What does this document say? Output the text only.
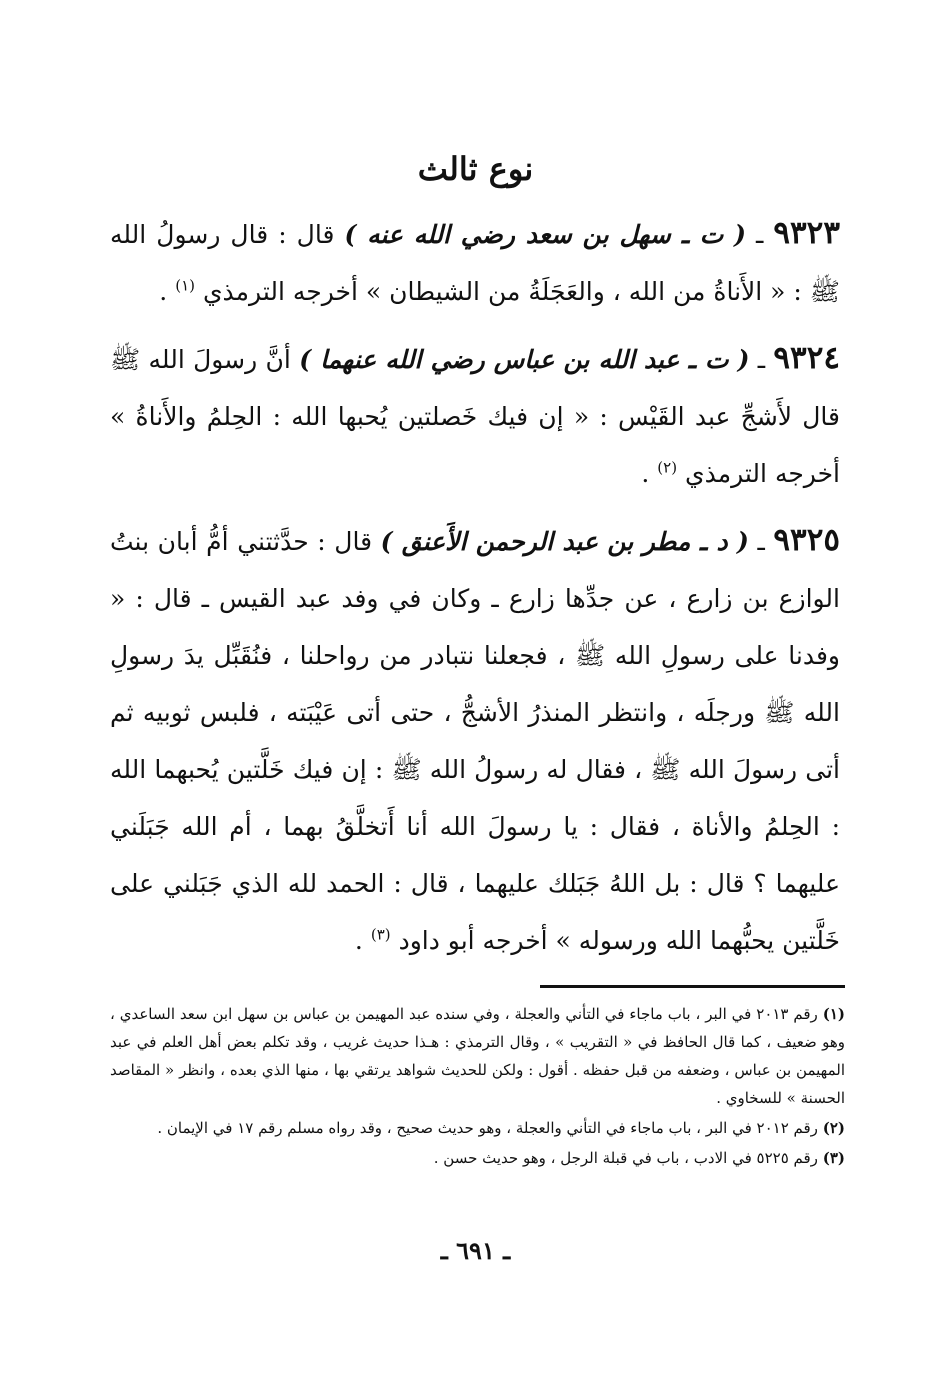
نوع ثالث

٩٣٢٣ ـ ( ت ـ سهل بن سعد رضي الله عنه ) قال : قال رسولُ الله ﷺ : « الأَناةُ من الله ، والعَجَلَةُ من الشيطان » أخرجه الترمذي $^{(١)}$ .

٩٣٢٤ ـ ( ت ـ عبد الله بن عباس رضي الله عنهما ) أنَّ رسولَ الله ﷺ قال لأَشجِّ عبد القَيْس : « إن فيك خَصلتين يُحبها الله : الحِلمُ والأَناةُ » أخرجه الترمذي $^{(٢)}$ .

٩٣٢٥ ـ ( د ـ مطر بن عبد الرحمن الأَعنق ) قال : حدَّثتني أمُّ أبان بنتُ الوازع بن زارع ، عن جدِّها زارع ـ وكان في وفد عبد القيس ـ قال : « وفدنا على رسولِ الله ﷺ ، فجعلنا نتبادر من رواحلنا ، فنُقَبِّل يدَ رسولِ الله ﷺ ورجلَه ، وانتظر المنذرُ الأشجُّ ، حتى أتى عَيْبَته ، فلبس ثوبيه ثم أتى رسولَ الله ﷺ ، فقال له رسولُ الله ﷺ : إن فيك خَلَّتين يُحبهما الله : الحِلمُ والأناة ، فقال : يا رسولَ الله أنا أَتخلَّقُ بهما ، أم الله جَبَلَني عليهما ؟ قال : بل اللهُ جَبَلك عليهما ، قال : الحمد لله الذي جَبَلني على خَلَّتين يحبُّهما الله ورسوله » أخرجه أبو داود $^{(٣)}$ .

(١) رقم ٢٠١٣ في البر ، باب ماجاء في التأني والعجلة ، وفي سنده عبد المهيمن بن عباس بن سهل ابن سعد الساعدي ، وهو ضعيف ، كما قال الحافظ في « التقريب » ، وقال الترمذي : هـذا حديث غريب ، وقد تكلم بعض أهل العلم في عبد المهيمن بن عباس ، وضعفه من قبل حفظه . أقول : ولكن للحديث شواهد يرتقي بها ، منها الذي بعده ، وانظر « المقاصد الحسنة » للسخاوي .

(٢) رقم ٢٠١٢ في البر ، باب ماجاء في التأني والعجلة ، وهو حديث صحيح ، وقد رواه مسلم رقم ١٧ في الإيمان .

(٣) رقم ٥٢٢٥ في الادب ، باب في قبلة الرجل ، وهو حديث حسن .

ـ ٦٩١ ـ
